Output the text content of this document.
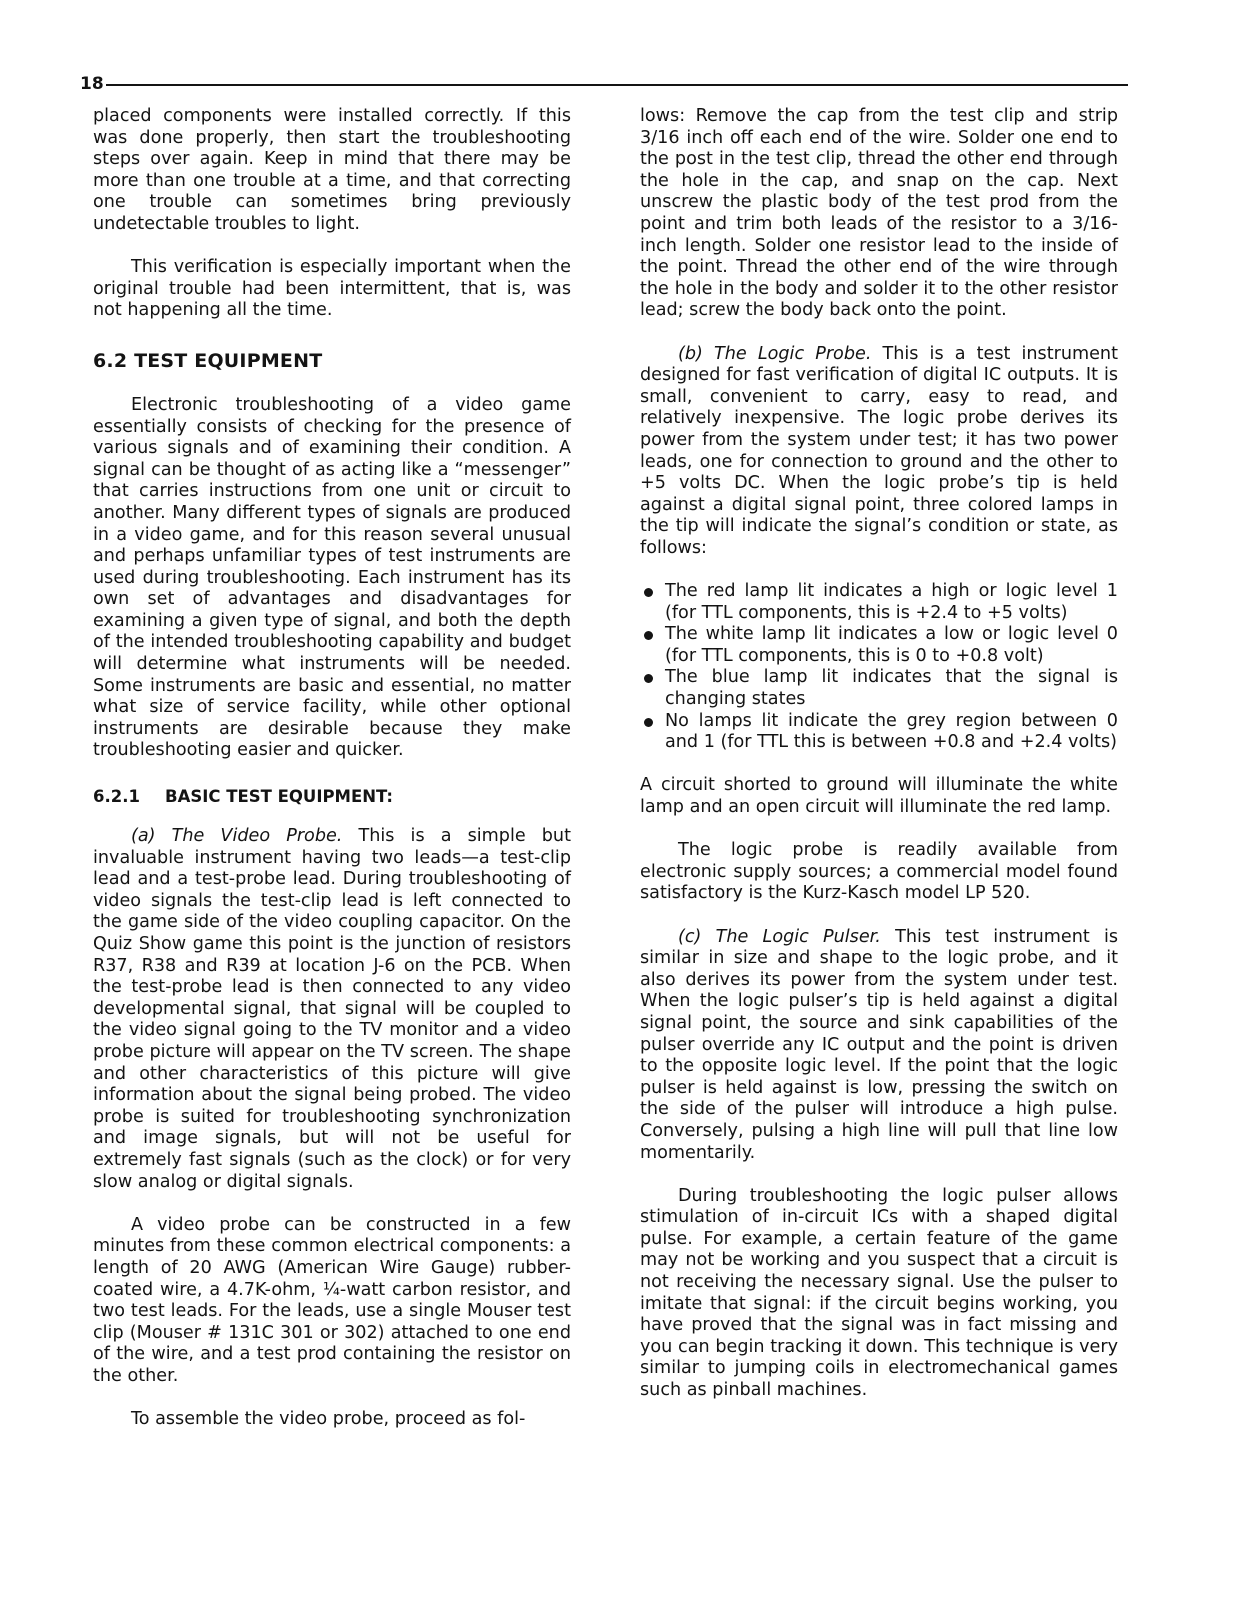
18

placed components were installed correctly. If this was done properly, then start the troubleshooting steps over again. Keep in mind that there may be more than one trouble at a time, and that correcting one trouble can sometimes bring previously undetectable troubles to light.

This verification is especially important when the original trouble had been intermittent, that is, was not happening all the time.

6.2 TEST EQUIPMENT

Electronic troubleshooting of a video game essentially consists of checking for the presence of various signals and of examining their condition. A signal can be thought of as acting like a “messenger” that carries instructions from one unit or circuit to another. Many different types of signals are produced in a video game, and for this reason several unusual and perhaps unfamiliar types of test instruments are used during troubleshooting. Each instrument has its own set of advantages and disadvantages for examining a given type of signal, and both the depth of the intended troubleshooting capability and budget will determine what instruments will be needed. Some instruments are basic and essential, no matter what size of service facility, while other optional instruments are desirable because they make troubleshooting easier and quicker.

6.2.1 BASIC TEST EQUIPMENT:

(a) The Video Probe. This is a simple but invaluable instrument having two leads—a test-clip lead and a test-probe lead. During troubleshooting of video signals the test-clip lead is left connected to the game side of the video coupling capacitor. On the Quiz Show game this point is the junction of resistors R37, R38 and R39 at location J-6 on the PCB. When the test-probe lead is then connected to any video developmental signal, that signal will be coupled to the video signal going to the TV monitor and a video probe picture will appear on the TV screen. The shape and other characteristics of this picture will give information about the signal being probed. The video probe is suited for troubleshooting synchronization and image signals, but will not be useful for extremely fast signals (such as the clock) or for very slow analog or digital signals.

A video probe can be constructed in a few minutes from these common electrical components: a length of 20 AWG (American Wire Gauge) rubber-coated wire, a 4.7K-ohm, ¼-watt carbon resistor, and two test leads. For the leads, use a single Mouser test clip (Mouser # 131C 301 or 302) attached to one end of the wire, and a test prod containing the resistor on the other.

To assemble the video probe, proceed as fol-

lows: Remove the cap from the test clip and strip 3/16 inch off each end of the wire. Solder one end to the post in the test clip, thread the other end through the hole in the cap, and snap on the cap. Next unscrew the plastic body of the test prod from the point and trim both leads of the resistor to a 3/16-inch length. Solder one resistor lead to the inside of the point. Thread the other end of the wire through the hole in the body and solder it to the other resistor lead; screw the body back onto the point.

(b) The Logic Probe. This is a test instrument designed for fast verification of digital IC outputs. It is small, convenient to carry, easy to read, and relatively inexpensive. The logic probe derives its power from the system under test; it has two power leads, one for connection to ground and the other to +5 volts DC. When the logic probe’s tip is held against a digital signal point, three colored lamps in the tip will indicate the signal’s condition or state, as follows:

The red lamp lit indicates a high or logic level 1 (for TTL components, this is +2.4 to +5 volts)
The white lamp lit indicates a low or logic level 0 (for TTL components, this is 0 to +0.8 volt)
The blue lamp lit indicates that the signal is changing states
No lamps lit indicate the grey region between 0 and 1 (for TTL this is between +0.8 and +2.4 volts)

A circuit shorted to ground will illuminate the white lamp and an open circuit will illuminate the red lamp.

The logic probe is readily available from electronic supply sources; a commercial model found satisfactory is the Kurz-Kasch model LP 520.

(c) The Logic Pulser. This test instrument is similar in size and shape to the logic probe, and it also derives its power from the system under test. When the logic pulser’s tip is held against a digital signal point, the source and sink capabilities of the pulser override any IC output and the point is driven to the opposite logic level. If the point that the logic pulser is held against is low, pressing the switch on the side of the pulser will introduce a high pulse. Conversely, pulsing a high line will pull that line low momentarily.

During troubleshooting the logic pulser allows stimulation of in-circuit ICs with a shaped digital pulse. For example, a certain feature of the game may not be working and you suspect that a circuit is not receiving the necessary signal. Use the pulser to imitate that signal: if the circuit begins working, you have proved that the signal was in fact missing and you can begin tracking it down. This technique is very similar to jumping coils in electromechanical games such as pinball machines.
